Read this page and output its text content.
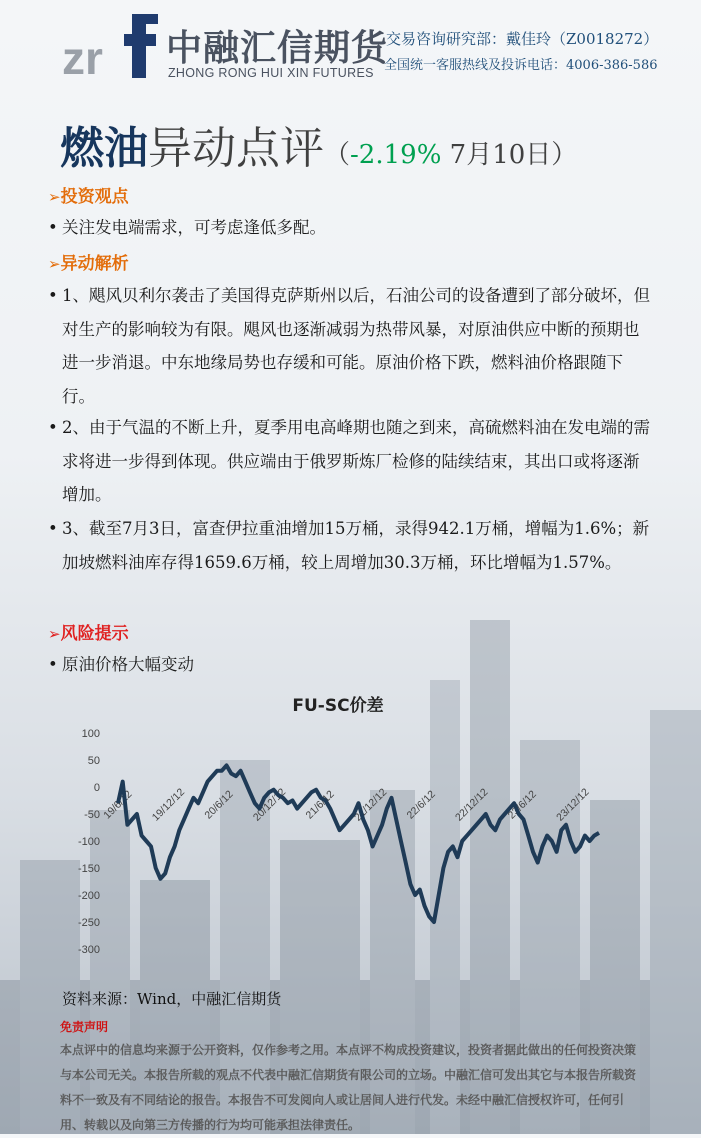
zr 中融汇信期货
ZHONG RONG HUI XIN FUTURES
交易咨询研究部：戴佳玲（Z0018272）
全国统一客服热线及投诉电话：4006-386-586
燃油异动点评（-2.19% 7月10日）
➢投资观点
• 关注发电端需求，可考虑逢低多配。
➢异动解析
• 1、飓风贝利尔袭击了美国得克萨斯州以后，石油公司的设备遭到了部分破坏，但对生产的影响较为有限。飓风也逐渐减弱为热带风暴，对原油供应中断的预期也进一步消退。中东地缘局势也存缓和可能。原油价格下跌，燃料油价格跟随下行。
• 2、由于气温的不断上升，夏季用电高峰期也随之到来，高硫燃料油在发电端的需求将进一步得到体现。供应端由于俄罗斯炼厂检修的陆续结束，其出口或将逐渐增加。
• 3、截至7月3日，富查伊拉重油增加15万桶，录得942.1万桶，增幅为1.6%；新加坡燃料油库存得1659.6万桶，较上周增加30.3万桶，环比增幅为1.57%。
➢风险提示
• 原油价格大幅变动
FU-SC价差
100
50
0
-50
-100
-150
-200
-250
-300
19/6/12 19/12/12 20/6/12 20/12/12 21/6/12 21/12/12 22/6/12 22/12/12 23/6/12 23/12/12
资料来源：Wind，中融汇信期货
免责声明
本点评中的信息均来源于公开资料，仅作参考之用。本点评不构成投资建议，投资者据此做出的任何投资决策与本公司无关。本报告所载的观点不代表中融汇信期货有限公司的立场。中融汇信可发出其它与本报告所载资料不一致及有不同结论的报告。本报告不可发阅向人或让居间人进行代发。未经中融汇信授权许可，任何引用、转载以及向第三方传播的行为均可能承担法律责任。
